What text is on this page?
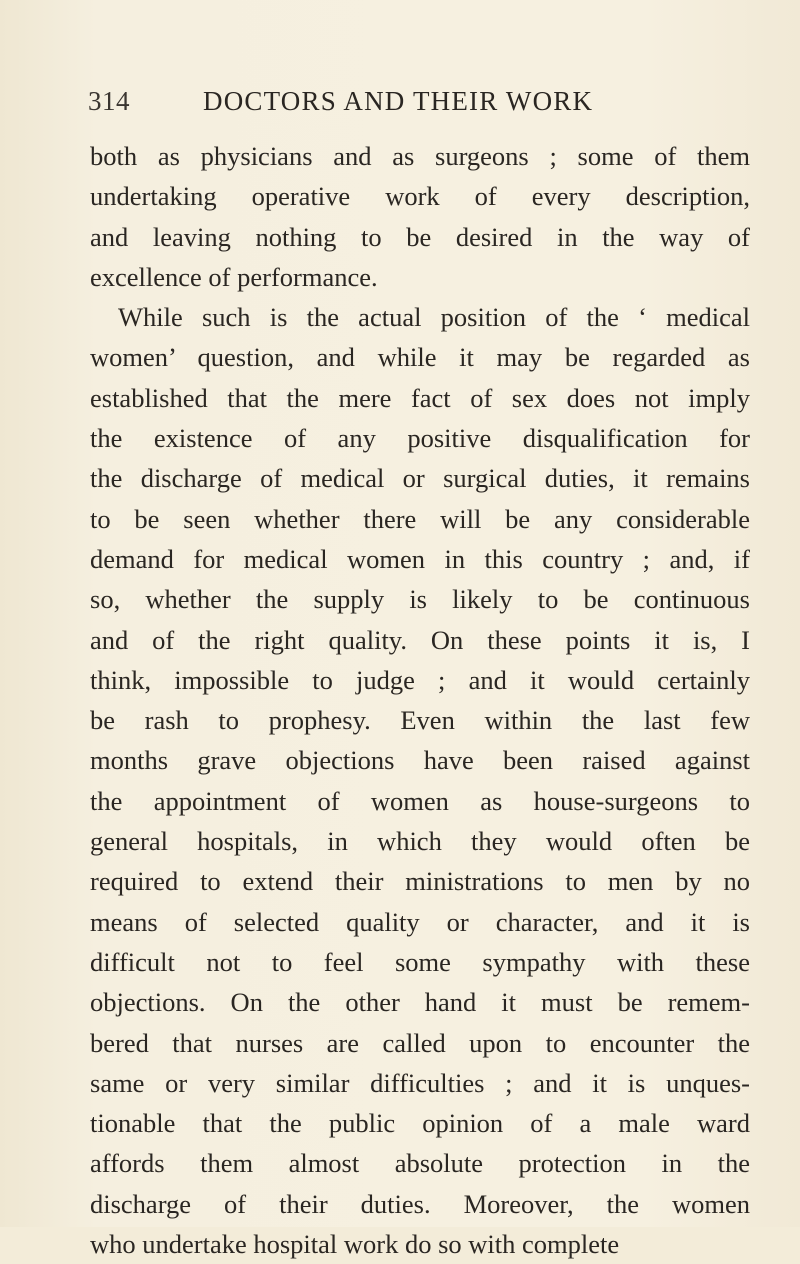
314	DOCTORS AND THEIR WORK
both as physicians and as surgeons ; some of them
undertaking operative work of every description,
and leaving nothing to be desired in the way of
excellence of performance.
While such is the actual position of the ‘ medical
women’ question, and while it may be regarded as
established that the mere fact of sex does not imply
the existence of any positive disqualification for
the discharge of medical or surgical duties, it remains
to be seen whether there will be any considerable
demand for medical women in this country ; and, if
so, whether the supply is likely to be continuous
and of the right quality. On these points it is, I
think, impossible to judge ; and it would certainly
be rash to prophesy. Even within the last few
months grave objections have been raised against
the appointment of women as house-surgeons to
general hospitals, in which they would often be
required to extend their ministrations to men by no
means of selected quality or character, and it is
difficult not to feel some sympathy with these
objections. On the other hand it must be remem-
bered that nurses are called upon to encounter the
same or very similar difficulties ; and it is unques-
tionable that the public opinion of a male ward
affords them almost absolute protection in the
discharge of their duties. Moreover, the women
who undertake hospital work do so with complete
